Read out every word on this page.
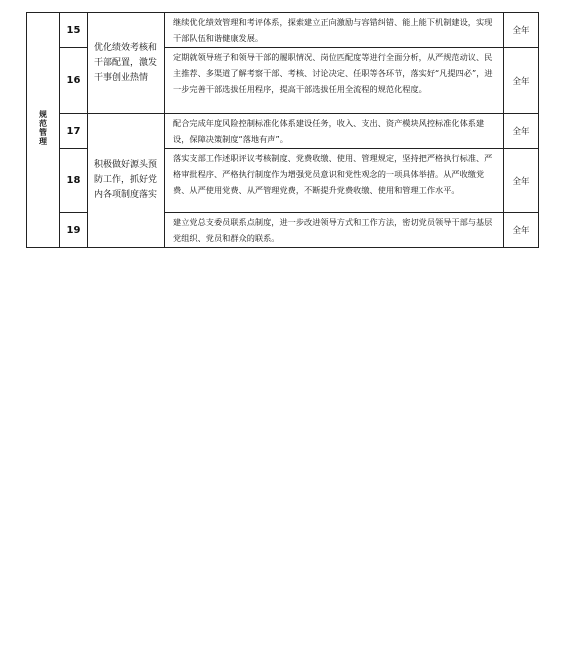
规范管理	15	优化绩效考核和干部配置，激发干事创业热情	继续优化绩效管理和考评体系，探索建立正向激励与容错纠错、能上能下机制建设，实现干部队伍和谐健康发展。	全年
	16		定期就领导班子和领导干部的履职情况、岗位匹配度等进行全面分析，从严规范动议、民主推荐、多渠道了解考察干部、考核、讨论决定、任职等各环节，落实好“凡提四必”，进一步完善干部选拔任用程序，提高干部选拔任用全流程的规范化程度。	全年
	17	积极做好源头预防工作，抓好党内各项制度落实	配合完成年度风险控制标准化体系建设任务，收入、支出、资产模块风控标准化体系建设，保障决策制度“落地有声”。	全年
	18		落实支部工作述职评议考核制度、党费收缴、使用、管理规定，坚持把严格执行标准、严格审批程序、严格执行制度作为增强党员意识和党性观念的一项具体举措。从严收缴党费、从严使用党费、从严管理党费，不断提升党费收缴、使用和管理工作水平。	全年
	19		建立党总支委员联系点制度，进一步改进领导方式和工作方法，密切党员领导干部与基层党组织、党员和群众的联系。	全年
